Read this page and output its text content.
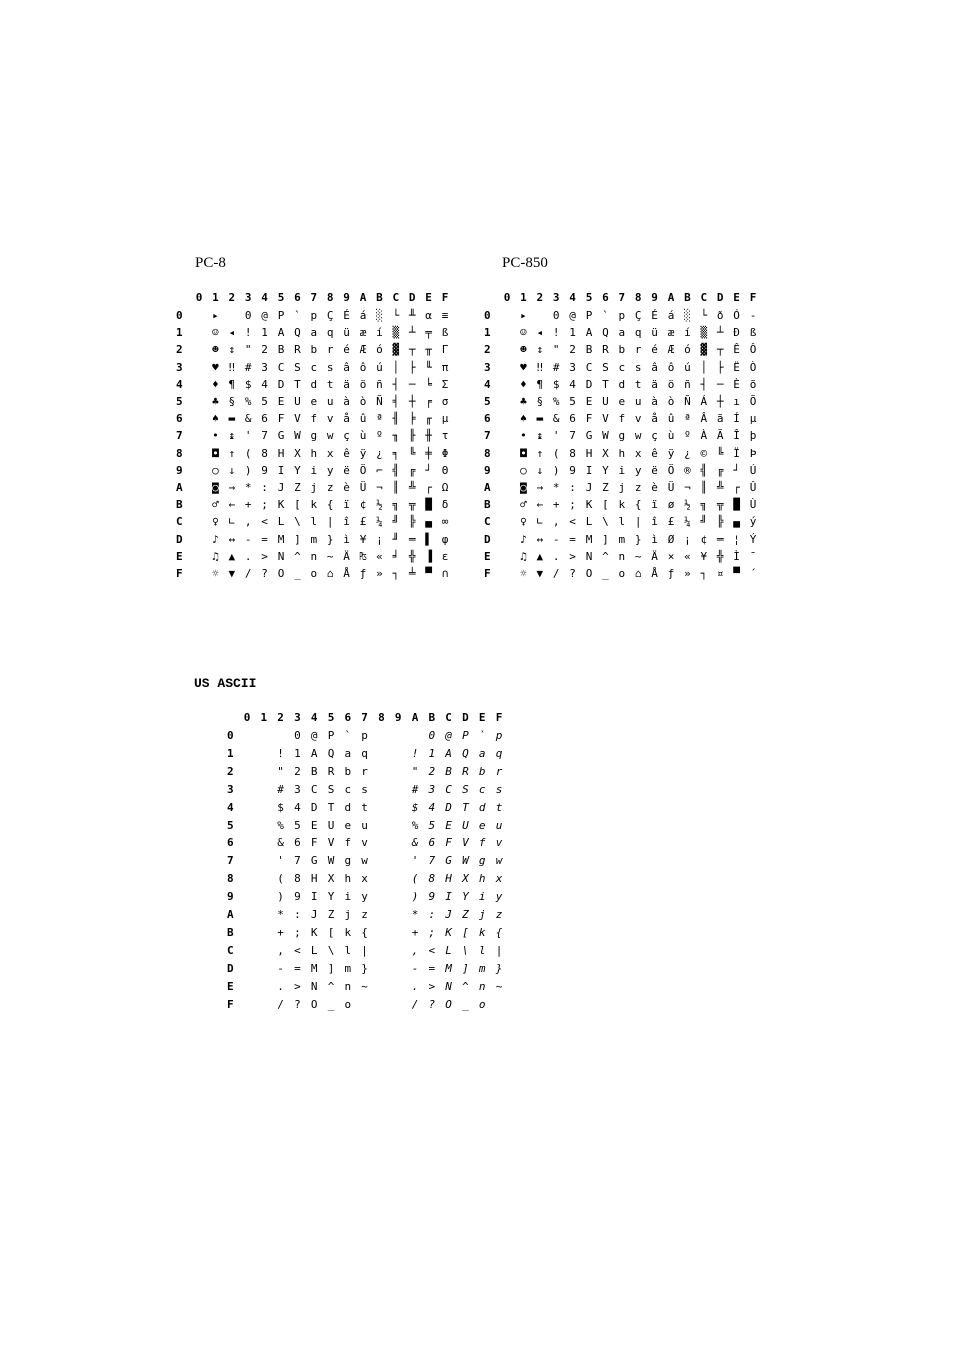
PC-8	PC-850
US ASCII
0 1 2 3 4 5 6 7 8 9 A B C D E F
0	▸	0 @ P ` p Ç É á ░ └ ╨ α ≡
1	☺ ◂ ! 1 A Q a q ü æ í ▒ ┴ ╤ ß
2	☻ ↕ " 2 B R b r é Æ ó ▓ ┬ ╥ Γ
3	♥ ‼ # 3 C S c s â ô ú │ ├ ╙ π
4	♦ ¶ $ 4 D T d t ä ö ñ ┤ ─ ╘ Σ
5	♣ § % 5 E U e u à ò Ñ ╡ ┼ ╒ σ
6	♠ ▬ & 6 F V f v å û ª ╢ ╞ ╓ µ
7	• ↨ ' 7 G W g w ç ù º ╖ ╟ ╫ τ
8	◘ ↑ ( 8 H X h x ê ÿ ¿ ╕ ╚ ╪ Φ
9	○ ↓ ) 9 I Y i y ë Ö ⌐ ╣ ╔ ┘ Θ
A	◙ → * : J Z j z è Ü ¬ ║ ╩ ┌ Ω
B	♂ ← + ; K [ k { ï ¢ ½ ╗ ╦ █ δ
C	♀ ∟ , < L \ l | î £ ¼ ╝ ╠ ▄ ∞
D	♪ ↔ - = M ] m } ì ¥ ¡ ╜ ═ ▌ φ
E	♫ ▲ . > N ^ n ~ Ä ₧ « ╛ ╬ ▐ ε
F	☼ ▼ / ? O _ o ⌂ Å ƒ » ┐ ╧ ▀ ∩
0 1 2 3 4 5 6 7 8 9 A B C D E F
0	▸	0 @ P ` p Ç É á ░ └ ð Ó -
1	☺ ◂ ! 1 A Q a q ü æ í ▒ ┴ Ð ß
2	☻ ↕ " 2 B R b r é Æ ó ▓ ┬ Ê Ô
3	♥ ‼ # 3 C S c s â ô ú │ ├ Ë Ò
4	♦ ¶ $ 4 D T d t ä ö ñ ┤ ─ È õ
5	♣ § % 5 E U e u à ò Ñ Á ┼ ı Õ
6	♠ ▬ & 6 F V f v å û ª Â ã Í µ
7	• ↨ ' 7 G W g w ç ù º À Ã Î þ
8	◘ ↑ ( 8 H X h x ê ÿ ¿ © ╚ Ï Þ
9	○ ↓ ) 9 I Y i y ë Ö ® ╣ ╔ ┘ Ú
A	◙ → * : J Z j z è Ü ¬ ║ ╩ ┌ Û
B	♂ ← + ; K [ k { ï ø ½ ╗ ╦ █ Ù
C	♀ ∟ , < L \ l | î £ ¼ ╝ ╠ ▄ ý
D	♪ ↔ - = M ] m } ì Ø ¡ ¢ ═ ¦ Ý
E	♫ ▲ . > N ^ n ~ Ä × « ¥ ╬ Ì ¯
F	☼ ▼ / ? O _ o ⌂ Å ƒ » ┐ ¤ ▀ ´
0 1 2 3 4 5 6 7 8 9 A B C D E F
0	0 @ P ` p	0 @ P ` p
1	! 1 A Q a q	! 1 A Q a q
2	" 2 B R b r	" 2 B R b r
3	# 3 C S c s	# 3 C S c s
4	$ 4 D T d t	$ 4 D T d t
5	% 5 E U e u	% 5 E U e u
6	& 6 F V f v	& 6 F V f v
7	' 7 G W g w	' 7 G W g w
8	( 8 H X h x	( 8 H X h x
9	) 9 I Y i y	) 9 I Y i y
A	* : J Z j z	* : J Z j z
B	+ ; K [ k {	+ ; K [ k {
C	, < L \ l |	, < L \ l |
D	- = M ] m }	- = M ] m }
E	. > N ^ n ~	. > N ^ n ~
F	/ ? O _ o	/ ? O _ o
